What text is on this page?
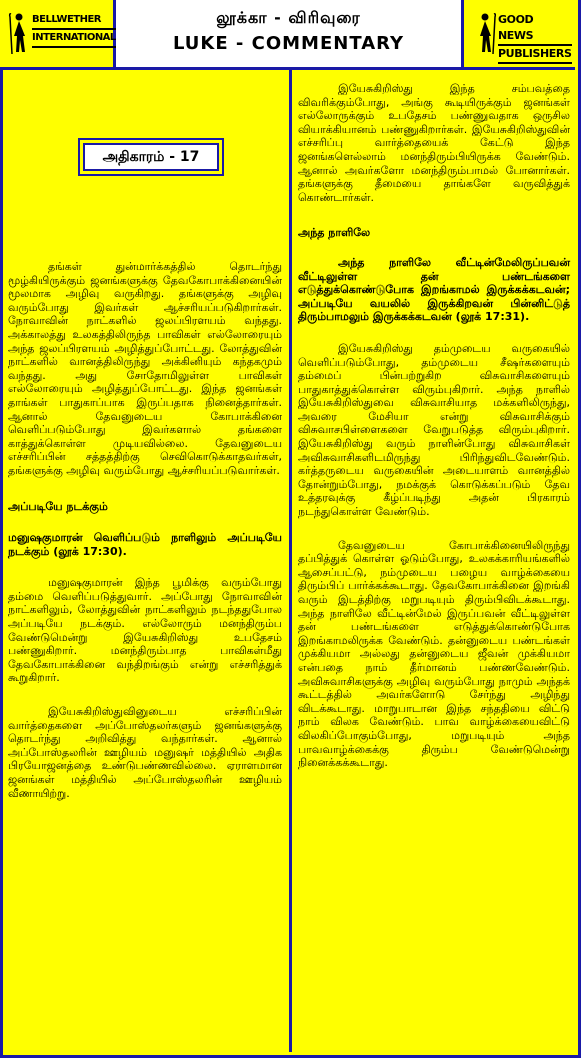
BELLWETHER
INTERNATIONAL
லூக்கா - விரிவுரை
LUKE - COMMENTARY
GOOD NEWS
PUBLISHERS
அதிகாரம் - 17

தங்கள் துன்மார்க்கத்தில் தொடர்ந்து மூழ்கியிருக்கும் ஜனங்களுக்கு தேவகோபாக்கினையின் மூலமாக அழிவு வருகிறது. தங்களுக்கு அழிவு வரும்போது இவர்கள் ஆச்சரியப்படுகிறார்கள். நோவாவின் நாட்களில் ஜலப்பிரளயம் வந்தது. அக்காலத்து உலகத்திலிருந்த பாவிகள் எல்லோரையும் அந்த ஜலப்பிரளயம் அழித்துப்போட்டது. லோத்துவின் நாட்களில் வானத்திலிருந்து அக்கினியும் கந்தகமும் வந்தது. அது சோதோமிலுள்ள பாவிகள் எல்லோரையும் அழித்துப்போட்டது. இந்த ஜனங்கள் தாங்கள் பாதுகாப்பாக இருப்பதாக நினைத்தார்கள். ஆனால் தேவனுடைய கோபாக்கினை வெளிப்படும்போது இவர்களால் தங்களை காத்துக்கொள்ள முடியவில்லை. தேவனுடைய எச்சரிப்பின் சத்தத்திற்கு செவிகொடுக்காதவர்கள், தங்களுக்கு அழிவு வரும்போது ஆச்சரியப்படுவார்கள்.

அப்படியே நடக்கும்

மனுஷகுமாரன் வெளிப்படும் நாளிலும் அப்படியே நடக்கும் (லூக் 17:30).

மனுஷகுமாரன் இந்த பூமிக்கு வரும்போது தம்மை வெளிப்படுத்துவார். அப்போது நோவாவின் நாட்களிலும், லோத்துவின் நாட்களிலும் நடந்ததுபோல அப்படியே நடக்கும். எல்லோரும் மனந்திரும்ப வேண்டுமென்று இயேசுகிறிஸ்து உபதேசம் பண்ணுகிறார். மனந்திரும்பாத பாவிகள்மீது தேவகோபாக்கினை வந்திறங்கும் என்று எச்சரித்துக் கூறுகிறார்.

இயேசுகிறிஸ்துவினுடைய எச்சரிப்பின் வார்த்தைகளை அப்போஸ்தலர்களும் ஜனங்களுக்கு தொடர்ந்து அறிவித்து வந்தார்கள். ஆனால் அப்போஸ்தலரின் ஊழியம் மனுஷர் மத்தியில் அதிக பிரயோஜனத்தை உண்டுபண்ணவில்லை. ஏராளமான ஜனங்கள் மத்தியில் அப்போஸ்தலரின் ஊழியம் வீணாயிற்று.

இயேசுகிறிஸ்து இந்த சம்பவத்தை விவரிக்கும்போது, அங்கு கூடியிருக்கும் ஜனங்கள் எல்லோருக்கும் உபதேசம் பண்ணுவதாக ஒருசில வியாக்கியானம் பண்ணுகிறார்கள். இயேசுகிறிஸ்துவின் எச்சரிப்பு வார்த்தையைக் கேட்டு இந்த ஜனங்களெல்லாம் மனந்திரும்பியிருக்க வேண்டும். ஆனால் அவர்களோ மனந்திரும்பாமல் போனார்கள். தங்களுக்கு தீமையை தாங்களே வருவித்துக் கொண்டார்கள்.

அந்த நாளிலே

அந்த நாளிலே வீட்டின்மேலிருப்பவன் வீட்டிலுள்ள தன் பண்டங்களை எடுத்துக்கொண்டுபோக இறங்காமல் இருக்கக்கடவன்; அப்படியே வயலில் இருக்கிறவன் பின்னிட்டுத் திரும்பாமலும் இருக்கக்கடவன் (லூக் 17:31).

இயேசுகிறிஸ்து தம்முடைய வருகையில் வெளிப்படும்போது, தம்முடைய சீஷர்களையும் தம்மைப் பின்பற்றுகிற விசுவாசிகளையும் பாதுகாத்துக்கொள்ள விரும்புகிறார். அந்த நாளில் இயேசுகிறிஸ்துவை விசுவாசியாத மக்களிலிருந்து, அவரை மேசியா என்று விசுவாசிக்கும் விசுவாசபிள்ளைகளை வேறுபடுத்த விரும்புகிறார். இயேசுகிறிஸ்து வரும் நாளின்போது விசுவாசிகள் அவிசுவாசிகளிடமிருந்து பிரிந்துவிடவேண்டும். கர்த்தருடைய வருகையின் அடையாளம் வானத்தில் தோன்றும்போது, நமக்குக் கொடுக்கப்படும் தேவ உத்தரவுக்கு கீழ்ப்படிந்து அதன் பிரகாரம் நடந்துகொள்ள வேண்டும்.

தேவனுடைய கோபாக்கினையிலிருந்து தப்பித்துக் கொள்ள ஓடும்போது, உலகக்காரியங்களில் ஆசைப்பட்டு, நம்முடைய பழைய வாழ்க்கையை திரும்பிப் பார்க்கக்கூடாது. தேவகோபாக்கினை இறங்கி வரும் இடத்திற்கு மறுபடியும் திரும்பிவிடக்கூடாது. அந்த நாளிலே வீட்டின்மேல் இருப்பவன் வீட்டிலுள்ள தன் பண்டங்களை எடுத்துக்கொண்டுபோக இறங்காமலிருக்க வேண்டும். தன்னுடைய பண்டங்கள் முக்கியமா அல்லது தன்னுடைய ஜீவன் முக்கியமா என்பதை நாம் தீர்மானம் பண்ணவேண்டும். அவிசுவாசிகளுக்கு அழிவு வரும்போது நாமும் அந்தக் கூட்டத்தில் அவர்களோடு சேர்ந்து அழிந்து விடக்கூடாது. மாறுபாடான இந்த சந்ததியை விட்டு நாம் விலக வேண்டும். பாவ வாழ்க்கையைவிட்டு விலகிப்போகும்போது, மறுபடியும் அந்த பாவவாழ்க்கைக்கு திரும்ப வேண்டுமென்று நினைக்கக்கூடாது.
